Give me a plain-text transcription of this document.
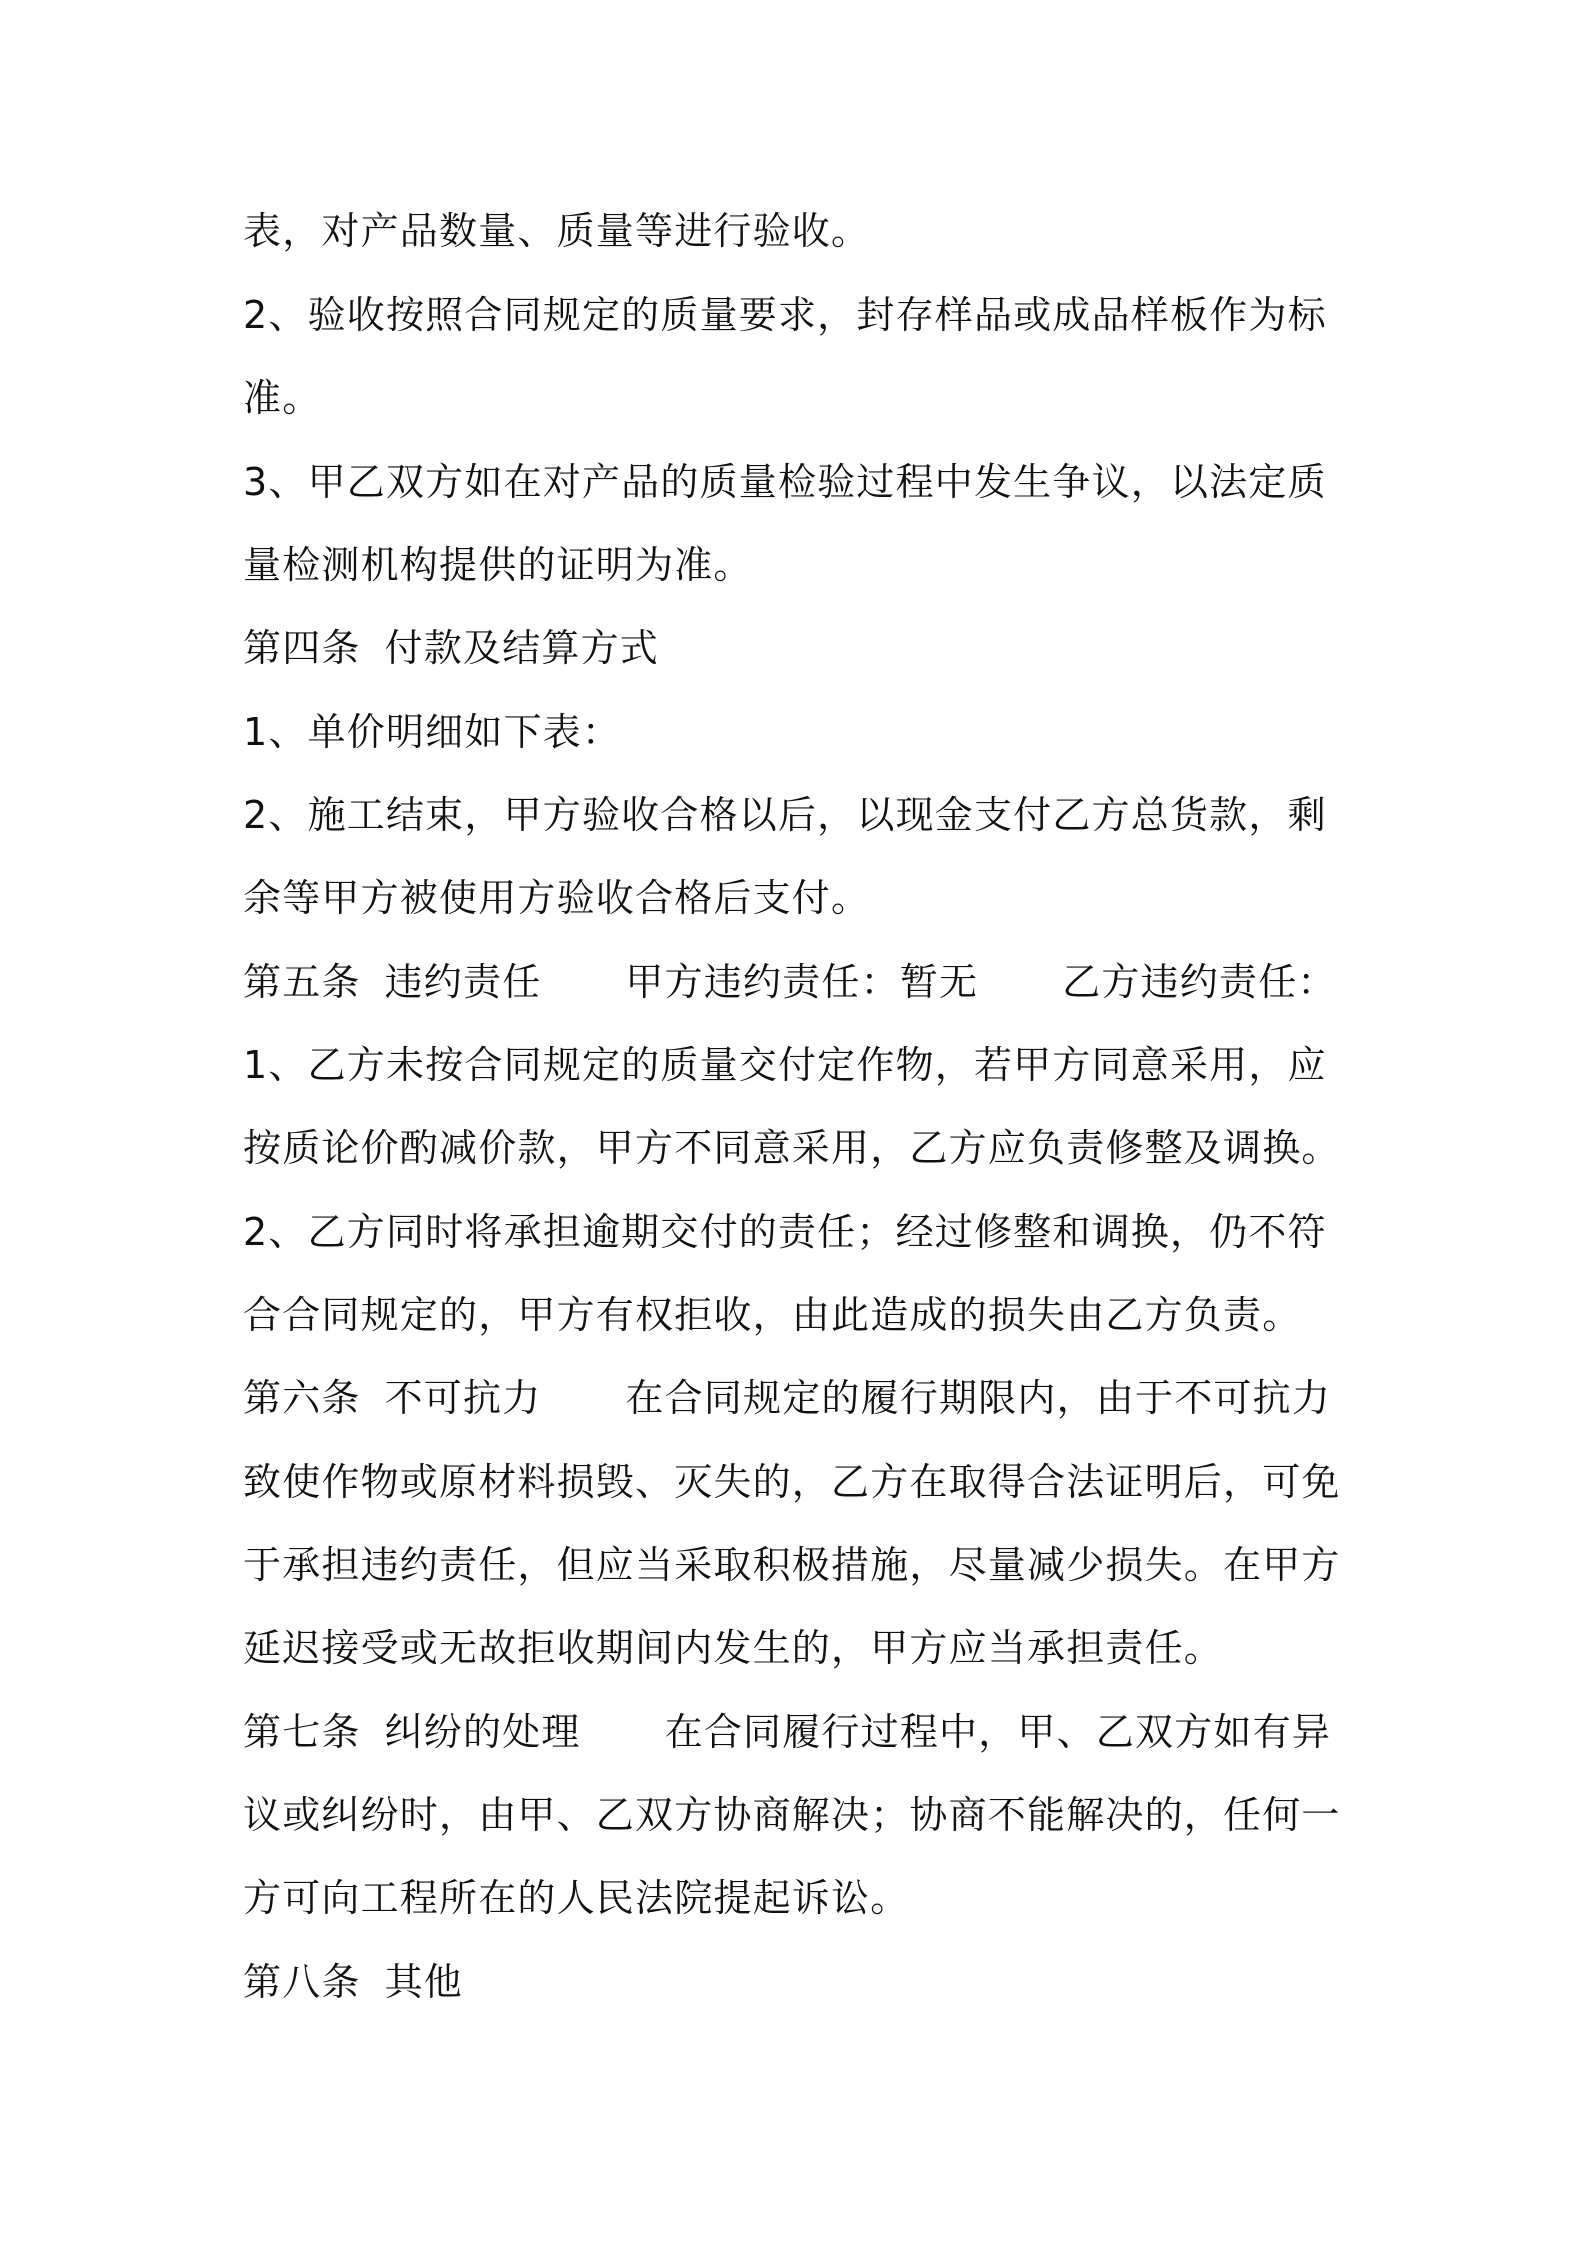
表，对产品数量、质量等进行验收。
2、验收按照合同规定的质量要求，封存样品或成品样板作为标
准。
3、甲乙双方如在对产品的质量检验过程中发生争议，以法定质
量检测机构提供的证明为准。
第四条 付款及结算方式
1、单价明细如下表：
2、施工结束，甲方验收合格以后，以现金支付乙方总货款，剩
余等甲方被使用方验收合格后支付。
第五条 违约责任 甲方违约责任：暂无 乙方违约责任：
1、乙方未按合同规定的质量交付定作物，若甲方同意采用，应
按质论价酌减价款，甲方不同意采用，乙方应负责修整及调换。
2、乙方同时将承担逾期交付的责任；经过修整和调换，仍不符
合合同规定的，甲方有权拒收，由此造成的损失由乙方负责。
第六条 不可抗力 在合同规定的履行期限内，由于不可抗力
致使作物或原材料损毁、灭失的，乙方在取得合法证明后，可免
于承担违约责任，但应当采取积极措施，尽量减少损失。在甲方
延迟接受或无故拒收期间内发生的，甲方应当承担责任。
第七条 纠纷的处理 在合同履行过程中，甲、乙双方如有异
议或纠纷时，由甲、乙双方协商解决；协商不能解决的，任何一
方可向工程所在的人民法院提起诉讼。
第八条 其他
